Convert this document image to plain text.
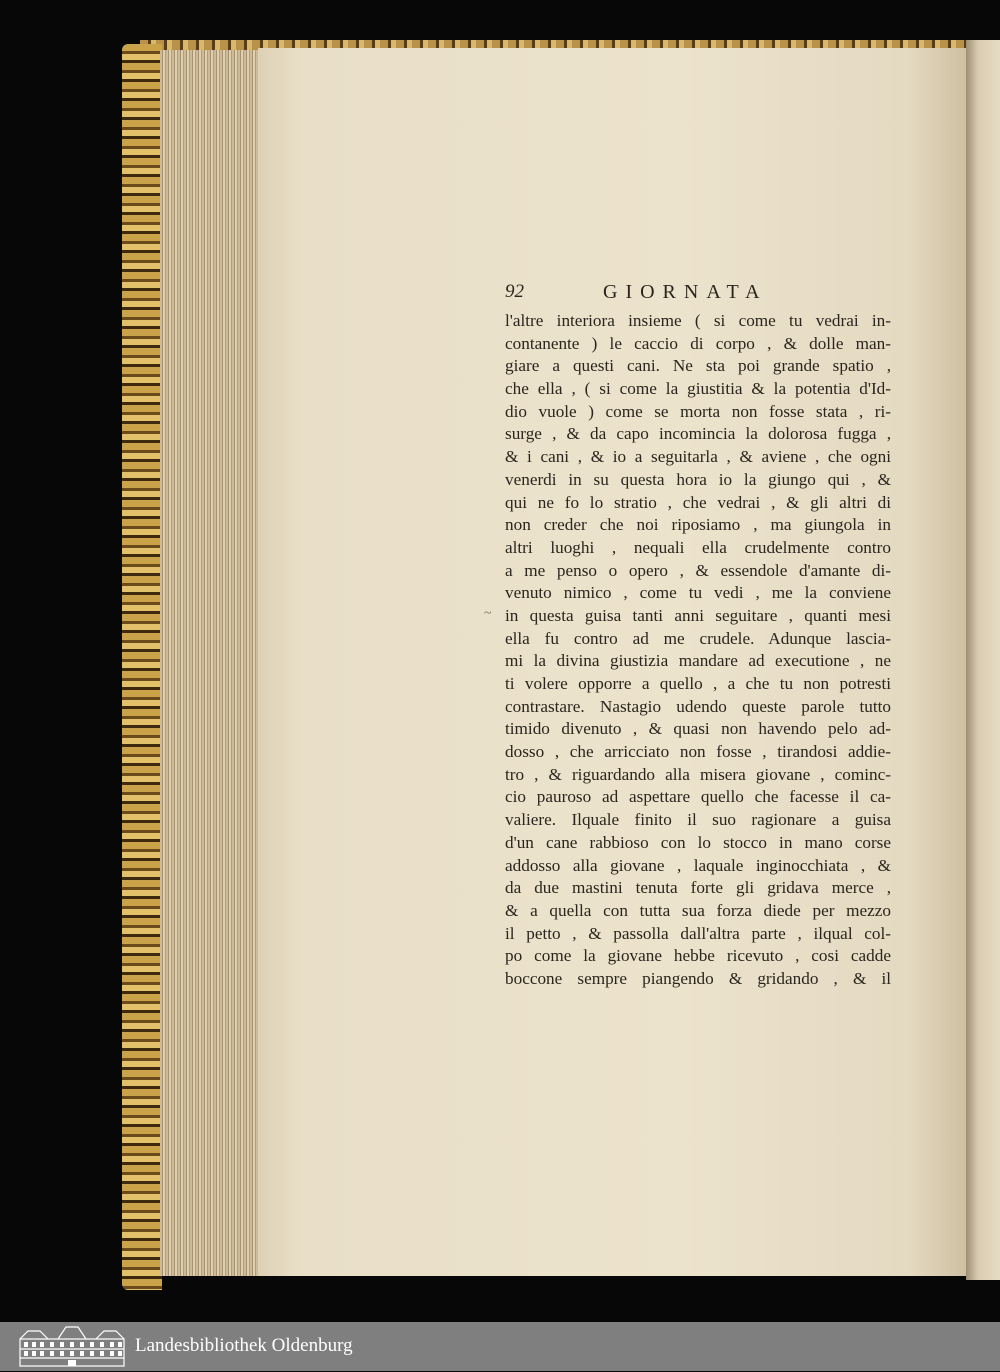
92	GIORNATA
~
l'altre interiora insieme ( si come tu vedrai in-
contanente ) le caccio di corpo , & dolle man-
giare a questi cani. Ne sta poi grande spatio ,
che ella , ( si come la giustitia & la potentia d'Id-
dio vuole ) come se morta non fosse stata , ri-
surge , & da capo incomincia la dolorosa fugga ,
& i cani , & io a seguitarla , & aviene , che ogni
venerdi in su questa hora io la giungo qui , &
qui ne fo lo stratio , che vedrai , & gli altri di
non creder che noi riposiamo , ma giungola in
altri luoghi , nequali ella crudelmente contro
a me penso o opero , & essendole d'amante di-
venuto nimico , come tu vedi , me la conviene
in questa guisa tanti anni seguitare , quanti mesi
ella fu contro ad me crudele. Adunque lascia-
mi la divina giustizia mandare ad executione , ne
ti volere opporre a quello , a che tu non potresti
contrastare. Nastagio udendo queste parole tutto
timido divenuto , & quasi non havendo pelo ad-
dosso , che arricciato non fosse , tirandosi addie-
tro , & riguardando alla misera giovane , cominc-
cio pauroso ad aspettare quello che facesse il ca-
valiere. Ilquale finito il suo ragionare a guisa
d'un cane rabbioso con lo stocco in mano corse
addosso alla giovane , laquale inginocchiata , &
da due mastini tenuta forte gli gridava merce ,
& a quella con tutta sua forza diede per mezzo
il petto , & passolla dall'altra parte , ilqual col-
po come la giovane hebbe ricevuto , cosi cadde
boccone sempre piangendo & gridando , & il
Landesbibliothek Oldenburg
